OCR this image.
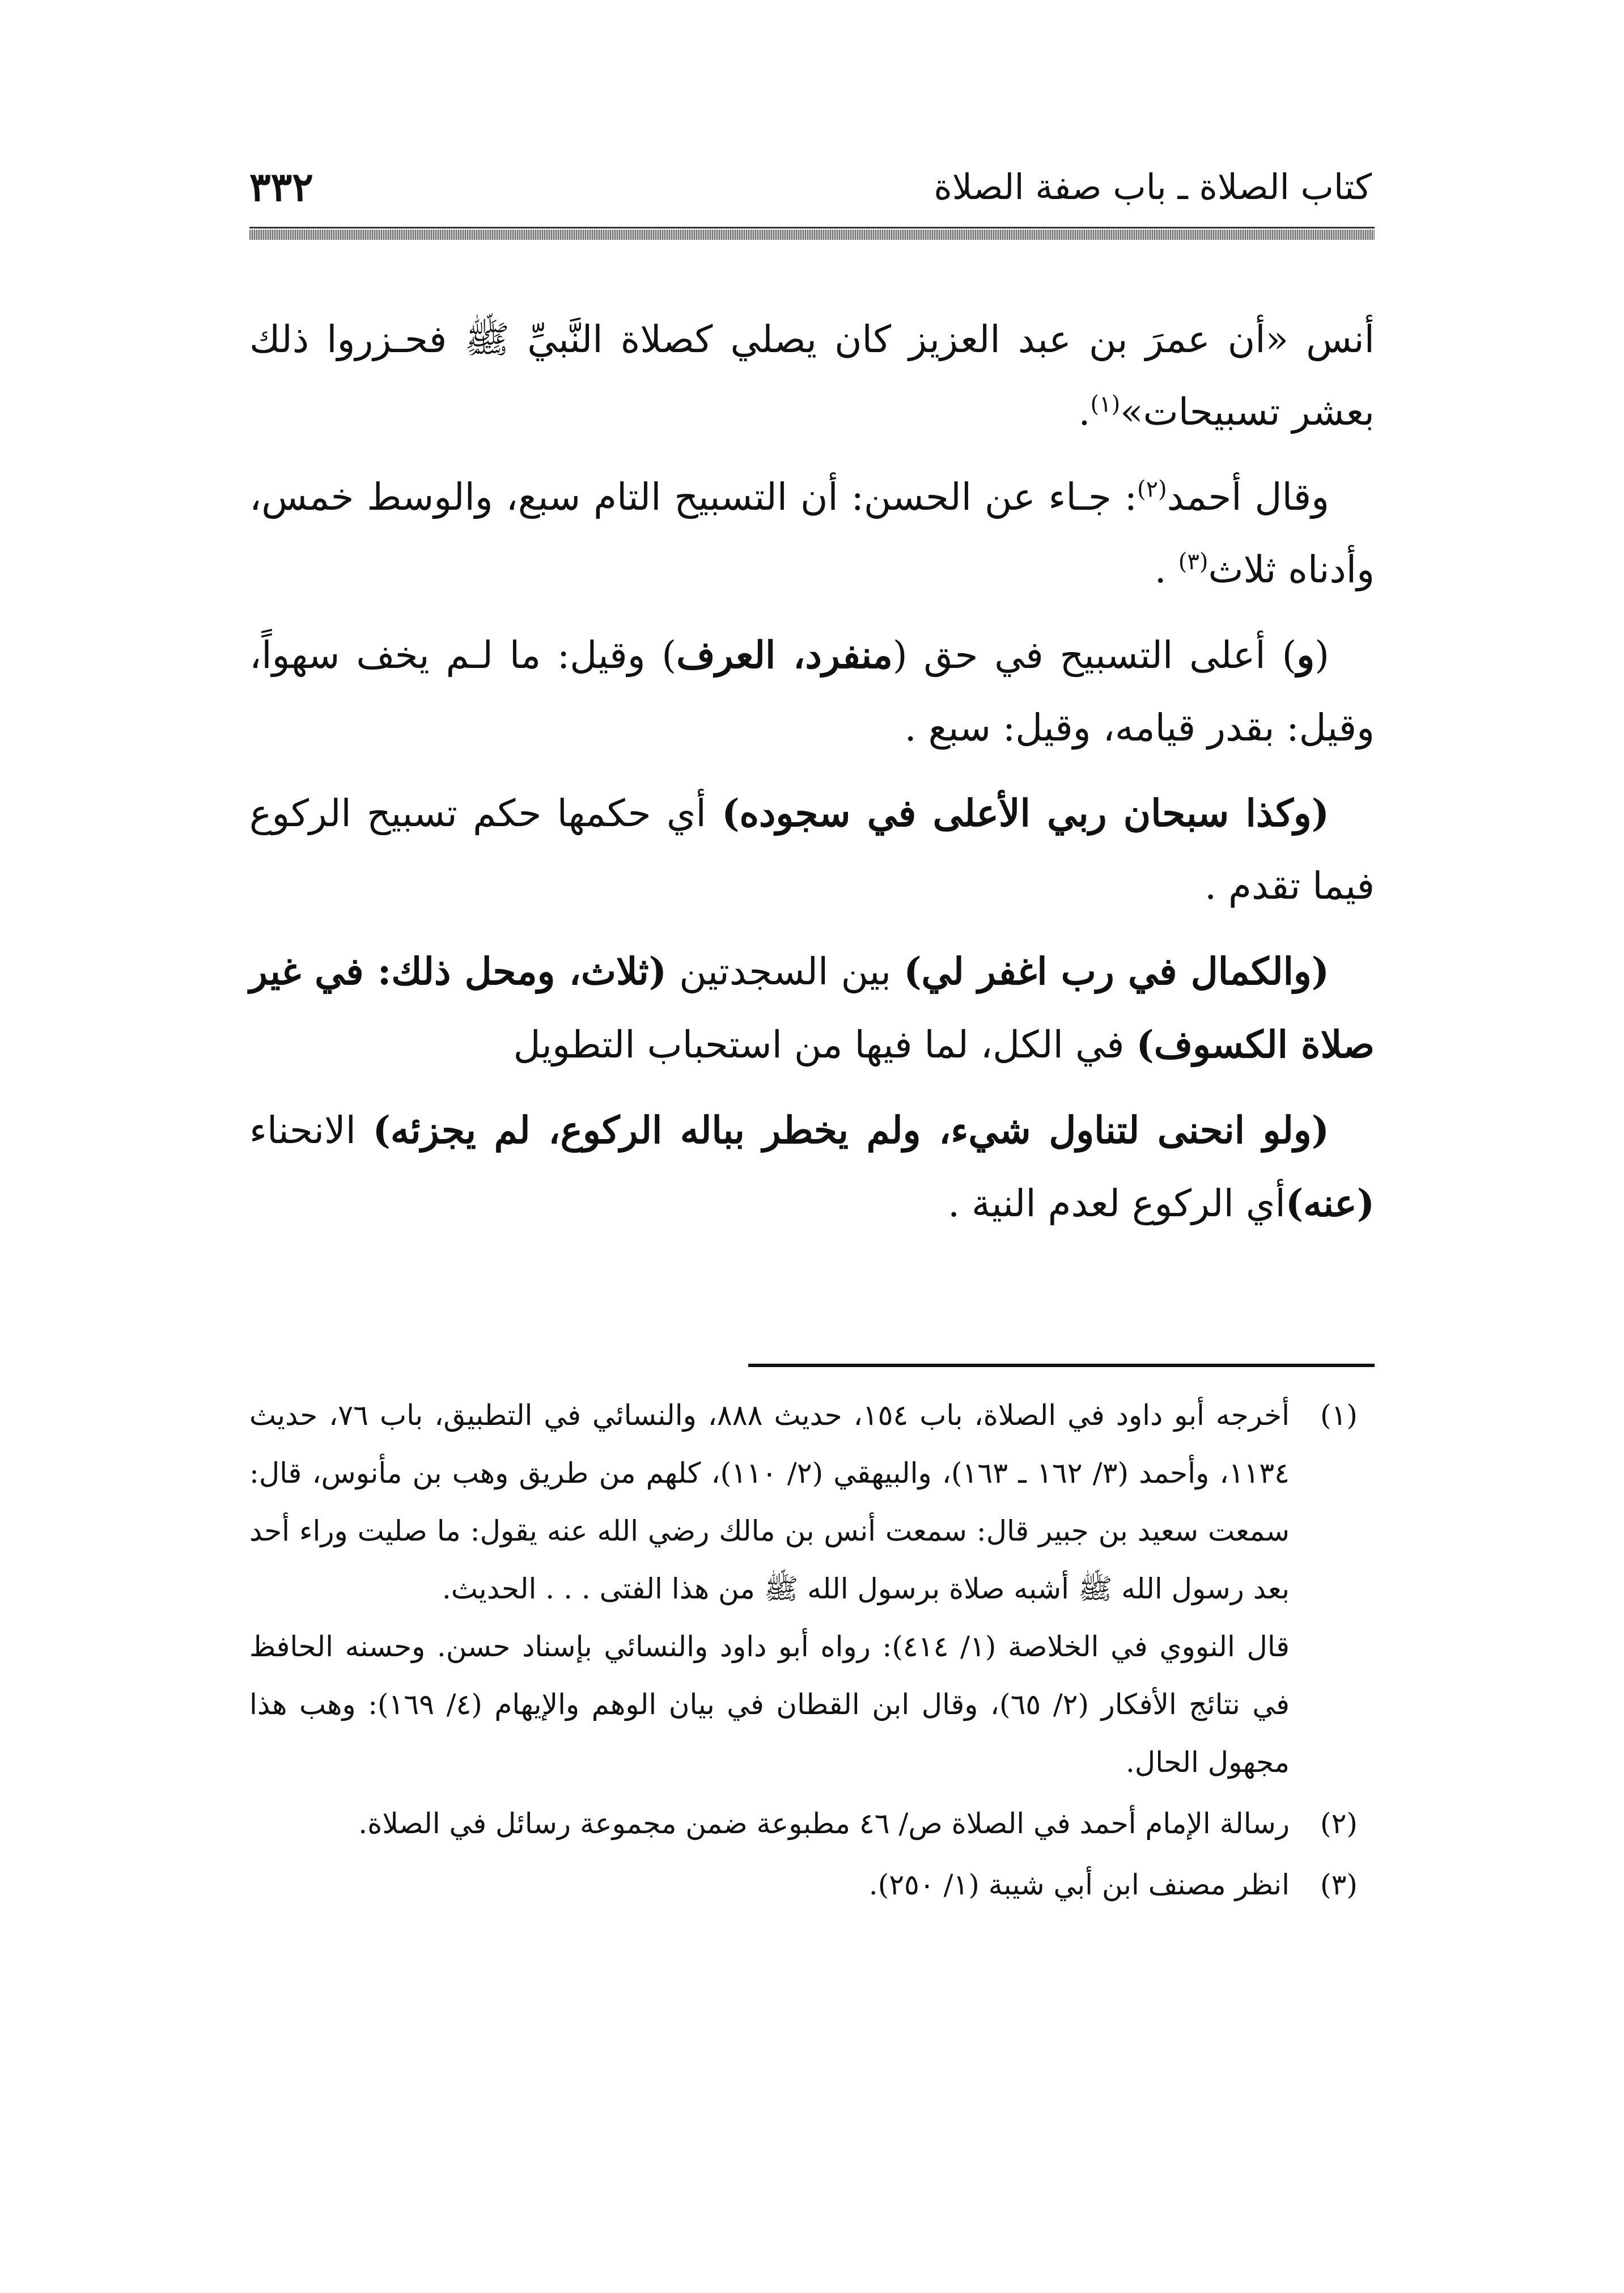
كتاب الصلاة ـ باب صفة الصلاة
٣٣٢

أنس «أن عمرَ بن عبد العزيز كان يصلي كصلاة النَّبيِّ ﷺ فحـزروا ذلك بعشر تسبيحات»$^{(١)}$.

وقال أحمد$^{(٢)}$: جـاء عن الحسن: أن التسبيح التام سبع، والوسط خمس، وأدناه ثلاث$^{(٣)}$ .

(و) أعلى التسبيح في حق (منفرد، العرف) وقيل: ما لـم يخف سهواً، وقيل: بقدر قيامه، وقيل: سبع .

(وكذا سبحان ربي الأعلى في سجوده) أي حكمها حكم تسبيح الركوع فيما تقدم .

(والكمال في رب اغفر لي) بين السجدتين (ثلاث، ومحل ذلك: في غير صلاة الكسوف) في الكل، لما فيها من استحباب التطويل

(ولو انحنى لتناول شيء، ولم يخطر بباله الركوع، لم يجزئه) الانحناء (عنه)أي الركوع لعدم النية .

(١)
أخرجه أبو داود في الصلاة، باب ١٥٤، حديث ٨٨٨، والنسائي في التطبيق، باب ٧٦، حديث ١١٣٤، وأحمد (٣/ ١٦٢ ـ ١٦٣)، والبيهقي (٢/ ١١٠)، كلهم من طريق وهب بن مأنوس، قال: سمعت سعيد بن جبير قال: سمعت أنس بن مالك رضي الله عنه يقول: ما صليت وراء أحد بعد رسول الله ﷺ أشبه صلاة برسول الله ﷺ من هذا الفتى . . . الحديث.
قال النووي في الخلاصة (١/ ٤١٤): رواه أبو داود والنسائي بإسناد حسن. وحسنه الحافظ في نتائج الأفكار (٢/ ٦٥)، وقال ابن القطان في بيان الوهم والإيهام (٤/ ١٦٩): وهب هذا مجهول الحال.
(٢)
رسالة الإمام أحمد في الصلاة ص/ ٤٦ مطبوعة ضمن مجموعة رسائل في الصلاة.
(٣)
انظر مصنف ابن أبي شيبة (١/ ٢٥٠).
